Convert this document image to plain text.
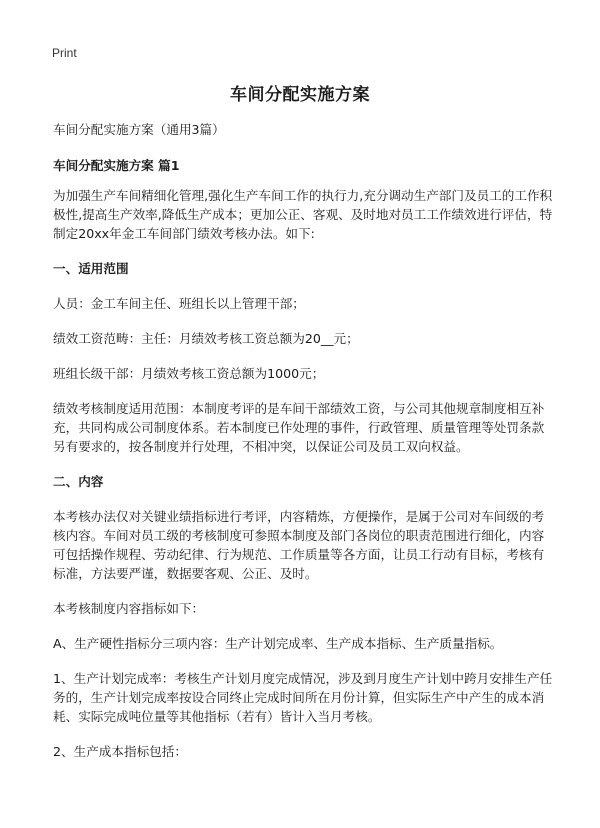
Print
车间分配实施方案

车间分配实施方案（通用3篇）

车间分配实施方案 篇1

为加强生产车间精细化管理,强化生产车间工作的执行力,充分调动生产部门及员工的工作积极性,提高生产效率,降低生产成本；更加公正、客观、及时地对员工工作绩效进行评估，特制定20xx年金工车间部门绩效考核办法。如下:

一、适用范围

人员：金工车间主任、班组长以上管理干部；

绩效工资范畴：主任：月绩效考核工资总额为20__元；

班组长级干部：月绩效考核工资总额为1000元；

绩效考核制度适用范围：本制度考评的是车间干部绩效工资，与公司其他规章制度相互补充，共同构成公司制度体系。若本制度已作处理的事件，行政管理、质量管理等处罚条款另有要求的，按各制度并行处理，不相冲突，以保证公司及员工双向权益。

二、内容

本考核办法仅对关键业绩指标进行考评，内容精炼，方便操作，是属于公司对车间级的考核内容。车间对员工级的考核制度可参照本制度及部门各岗位的职责范围进行细化，内容可包括操作规程、劳动纪律、行为规范、工作质量等各方面，让员工行动有目标，考核有标准，方法要严谨，数据要客观、公正、及时。

本考核制度内容指标如下：

A、生产硬性指标分三项内容：生产计划完成率、生产成本指标、生产质量指标。

1、生产计划完成率：考核生产计划月度完成情况，涉及到月度生产计划中跨月安排生产任务的，生产计划完成率按设合同终止完成时间所在月份计算，但实际生产中产生的成本消耗、实际完成吨位量等其他指标（若有）皆计入当月考核。

2、生产成本指标包括：
